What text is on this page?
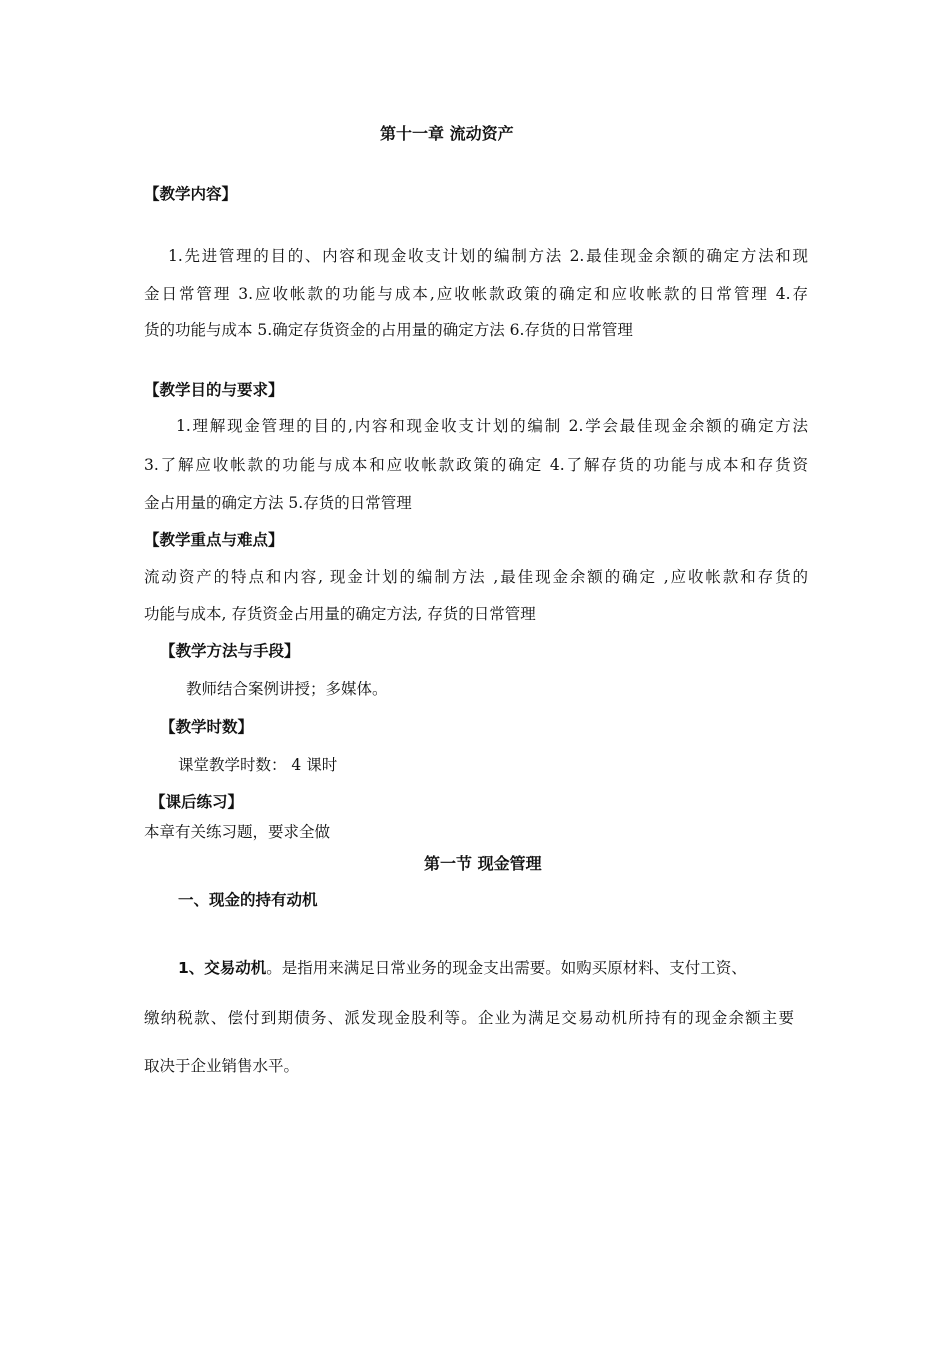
第十一章 流动资产
【教学内容】
1.先进管理的目的、内容和现金收支计划的编制方法 2.最佳现金余额的确定方法和现
金日常管理 3.应收帐款的功能与成本,应收帐款政策的确定和应收帐款的日常管理 4.存
货的功能与成本 5.确定存货资金的占用量的确定方法 6.存货的日常管理
【教学目的与要求】
1.理解现金管理的目的,内容和现金收支计划的编制 2.学会最佳现金余额的确定方法
3.了解应收帐款的功能与成本和应收帐款政策的确定 4.了解存货的功能与成本和存货资
金占用量的确定方法 5.存货的日常管理
【教学重点与难点】
流动资产的特点和内容, 现金计划的编制方法 ,最佳现金余额的确定 ,应收帐款和存货的
功能与成本, 存货资金占用量的确定方法, 存货的日常管理
【教学方法与手段】
教师结合案例讲授；多媒体。
【教学时数】
课堂教学时数： 4 课时
【课后练习】
本章有关练习题，要求全做
第一节 现金管理
一、现金的持有动机
1、交易动机。是指用来满足日常业务的现金支出需要。如购买原材料、支付工资、
缴纳税款、偿付到期债务、派发现金股利等。企业为满足交易动机所持有的现金余额主要
取决于企业销售水平。
